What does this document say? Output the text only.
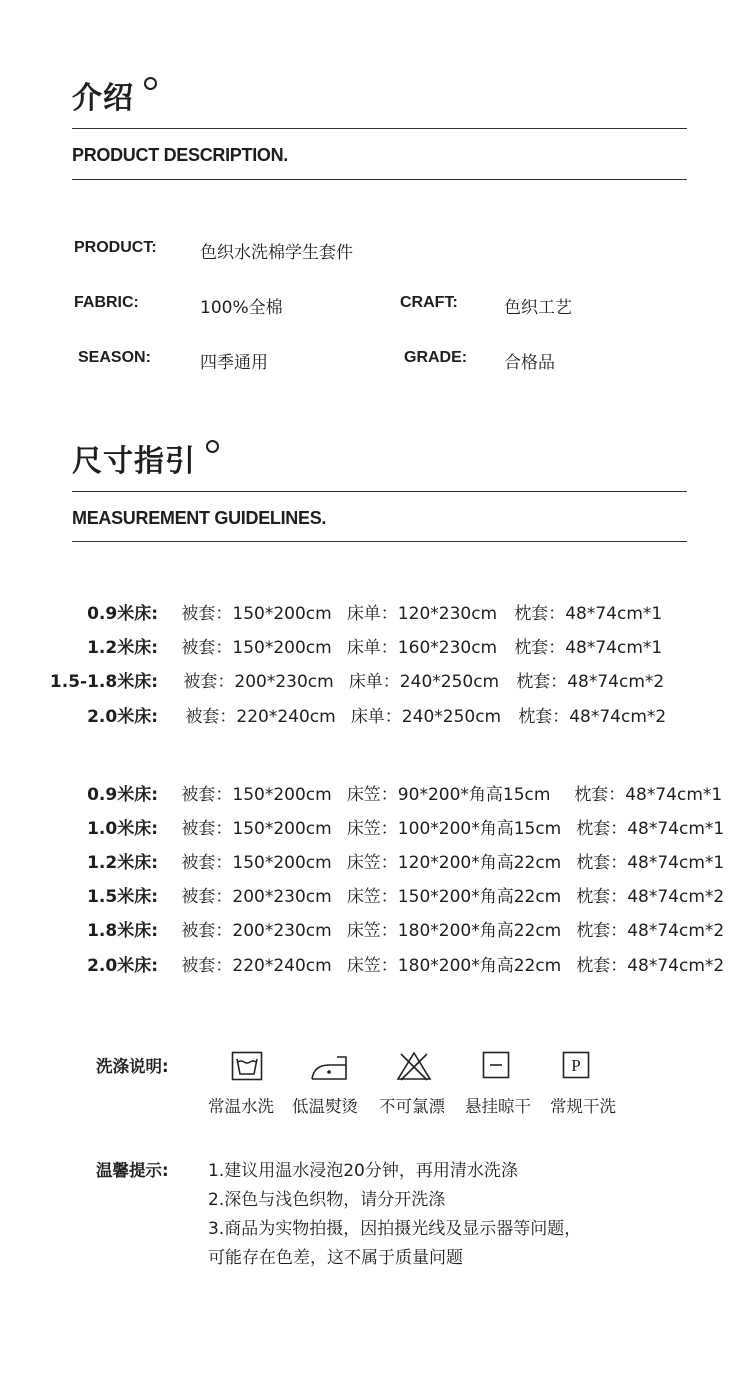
介绍
PRODUCT DESCRIPTION.
PRODUCT:	色织水洗棉学生套件
FABRIC:	100%全棉	CRAFT:	色织工艺
SEASON:	四季通用	GRADE: 合格品
尺寸指引
MEASUREMENT GUIDELINES.
0.9米床: 被套：150*200cm 床单：120*230cm 枕套：48*74cm*1
1.2米床: 被套：150*200cm 床单：160*230cm 枕套：48*74cm*1
1.5-1.8米床: 被套：200*230cm 床单：240*250cm 枕套：48*74cm*2
2.0米床: 被套：220*240cm 床单：240*250cm 枕套：48*74cm*2
0.9米床: 被套：150*200cm 床笠：90*200*角高15cm 枕套：48*74cm*1
1.0米床: 被套：150*200cm 床笠：100*200*角高15cm 枕套：48*74cm*1
1.2米床: 被套：150*200cm 床笠：120*200*角高22cm 枕套：48*74cm*1
1.5米床: 被套：200*230cm 床笠：150*200*角高22cm 枕套：48*74cm*2
1.8米床: 被套：200*230cm 床笠：180*200*角高22cm 枕套：48*74cm*2
2.0米床: 被套：220*240cm 床笠：180*200*角高22cm 枕套：48*74cm*2
洗涤说明:	P
常温水洗 低温熨烫 不可氯漂 悬挂晾干 常规干洗
温馨提示: 1.建议用温水浸泡20分钟，再用清水洗涤
2.深色与浅色织物，请分开洗涤
3.商品为实物拍摄，因拍摄光线及显示器等问题，
可能存在色差，这不属于质量问题
